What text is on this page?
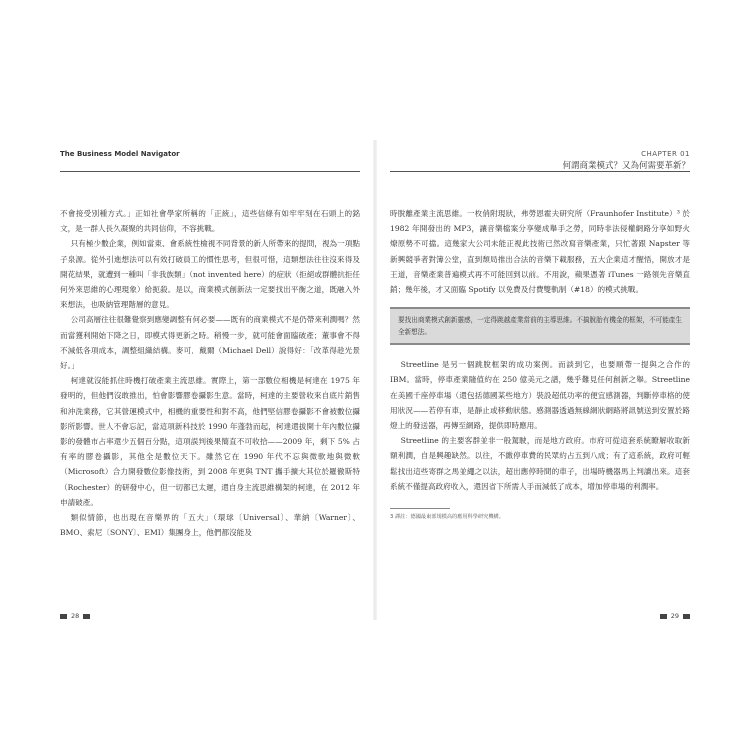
The Business Model Navigator

不會接受別種方式。」正如社會學家所稱的「正統」，這些信條有如牢牢刻在石頭上的銘文，是一群人長久凝聚的共同信仰，不容挑戰。

只有極少數企業，例如當東、會系統性檢視不同背景的新人所帶來的提問，視為一項點子泉源。從外引進想法可以有效打破員工的慣性思考，但很可惜，這類想法往往沒來得及開花結果，就遭到一種叫「非我族類」（not invented here）的症狀（拒絕或群體抗拒任何外來思維的心理現象）給扼殺。是以，商業模式創新法一定要找出平衡之道，既融入外來想法，也吸納管理階層的意見。

公司高層往往很難覺察到應變調整有何必要——既有的商業模式不是仍帶來利潤嗎？然而當獲利開始下降之日，即模式得更新之時。稍慢一步，就可能會面臨破產；董事會不得不減低各項成本，調整組織結構。麥可．戴爾（Michael Dell）說得好：「改革得趁光景好。」

柯達就沒能抓住時機打破產業主流思維。實際上，第一部數位相機是柯達在 1975 年發明的，但他們沒敢推出，怕會影響膠卷攝影生意。當時，柯達的主要營收來自底片銷售和沖洗業務，它其營運模式中，相機的重要性和對不高，他們堅信膠卷攝影不會被數位攝影所影響。世人不會忘記，當這項新科技於 1990 年蓬勃而起，柯達還拔開十年內數位攝影的發體市占率還少五個百分點，這項誤判後果簡直不可收拾——2009 年，剩下 5% 占有率的膠卷攝影，其他全是數位天下。雖然它在 1990 年代不忘與微軟地與微軟（Microsoft）合力開發數位影像技術，到 2008 年更與 TNT 攜手擴大其位於羅徹斯特（Rochester）的研發中心，但一切都已太遲，還自身主流思維構架的柯達，在 2012 年申請破產。

類似情節，也出現在音樂界的「五大」（環球〔Universal〕、華納〔Warner〕、BMO、索尼〔SONY〕、EMI）集團身上，他們都沒能及

28
CHAPTER 01
何謂商業模式？又為何需要革新？

時脫離產業主流思維。一枚俏附現狀，弗勞恩霍夫研究所（Fraunhofer Institute）³ 於 1982 年開發出的 MP3，讓音樂檔案分享變成舉手之勞，同時非法侵權網路分享如野火燎原勢不可擋。這幾家大公司未能正視此技術已然改寫音樂產業，只忙著跟 Napster 等新興競爭者對簿公堂，直到頹局推出合法的音樂下載服務，五大企業這才醒悟，開放才是王道，音樂產業普遍模式再不可能回到以前。不用說，蘋果憑著 iTunes 一路領先音樂直銷；幾年後，才又面臨 Spotify 以免費及付費雙軌制（#18）的模式挑戰。

要找出商業模式創新靈感，一定得跳越產業當前的主導思維。不搞脫胎有機金的框架，不可能產生全新想法。

Streetline 是另一個跳脫框架的成功案例。而談到它，也要順帶一提與之合作的 IBM。當時，停車產業隨值約在 250 億美元之譜，幾乎難見任何創新之舉。Streetline 在美國千座停車場（還包括德國某些地方）裝設超低功率的便宜感測器，判斷停車格的使用狀況——若停有車，是靜止或移動狀態。感測器透過無線網狀網路將訊號送到安置於路燈上的發送器，再傳至網路，提供即時應用。

Streetline 的主要客群並非一般駕駛，而是地方政府。市府可從這套系統瞭解收取新額利潤，自是興趣缺然。以往，不繳停車費的民眾約占五到八成；有了這系統，政府可輕鬆找出這些寄群之馬並繩之以法，超出應停時間的車子，出場時機器馬上判讀出來。這套系統不僅提高政府收入，還因省下所需人手而減低了成本，增加停車場的利潤率。

3 譯註：德國最東部規模高的應用科學研究機構。
29
